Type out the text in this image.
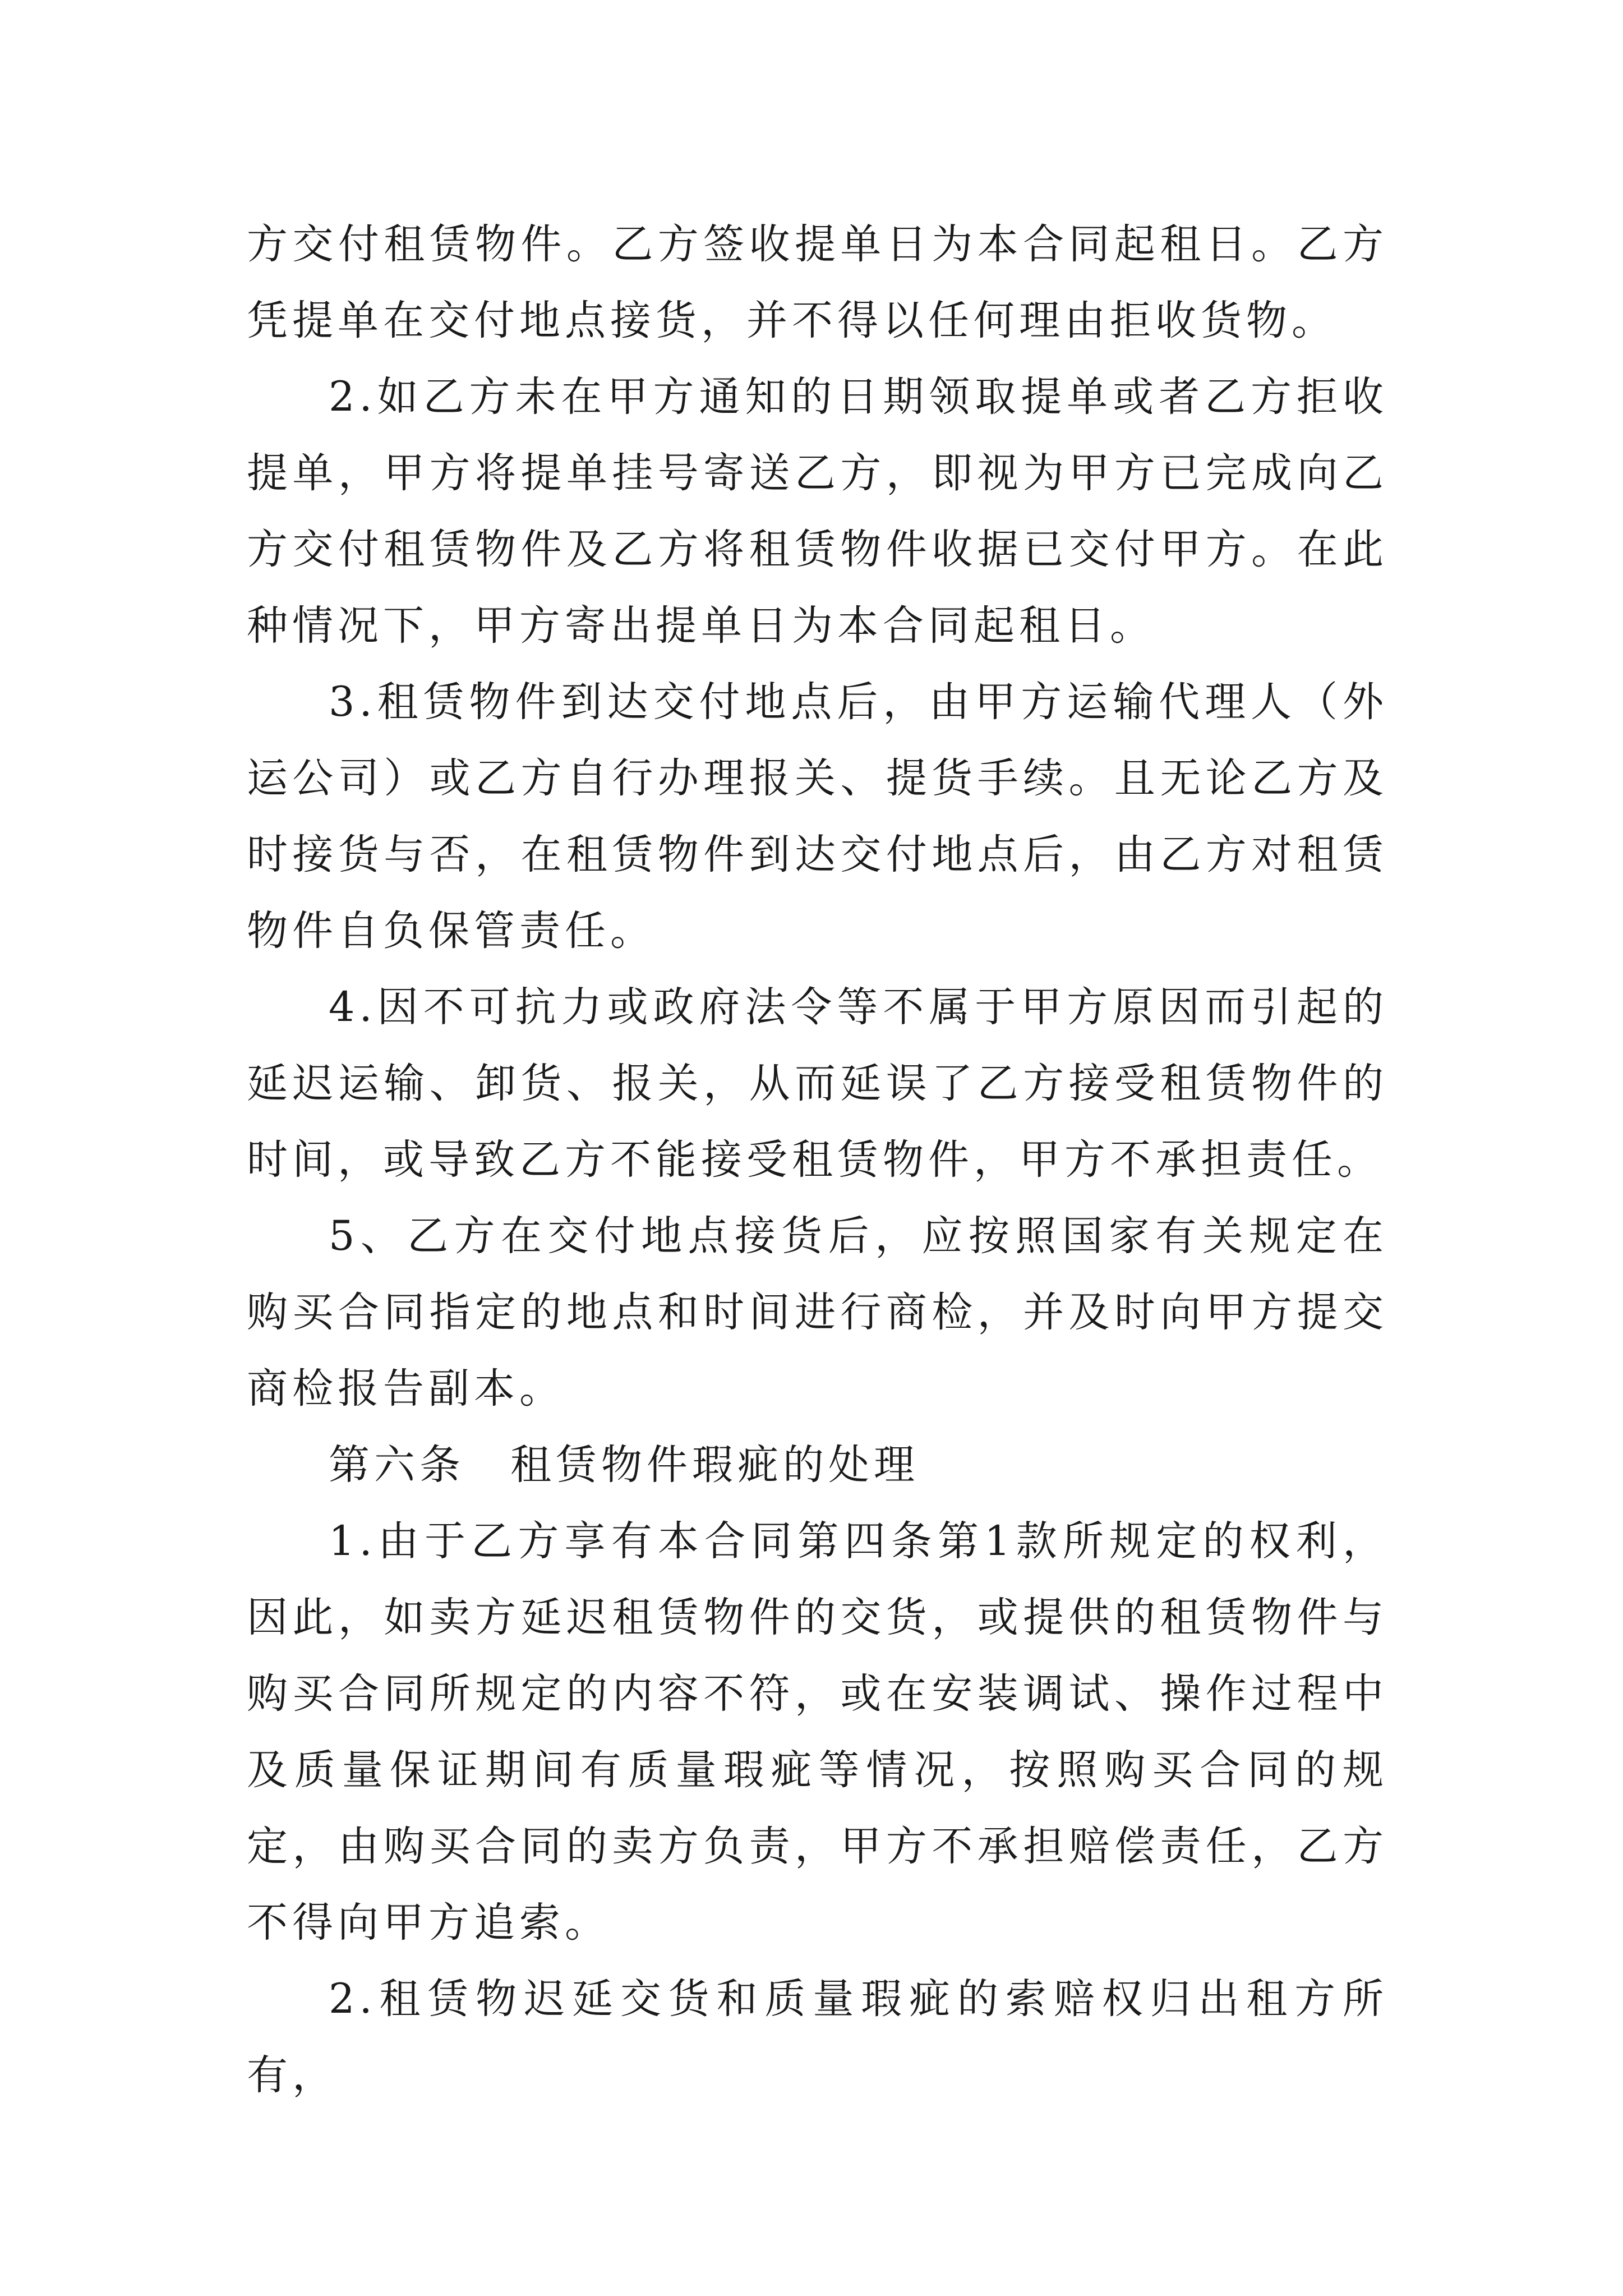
方交付租赁物件。乙方签收提单日为本合同起租日。乙方凭提单在交付地点接货，并不得以任何理由拒收货物。

2.如乙方未在甲方通知的日期领取提单或者乙方拒收提单，甲方将提单挂号寄送乙方，即视为甲方已完成向乙方交付租赁物件及乙方将租赁物件收据已交付甲方。在此种情况下，甲方寄出提单日为本合同起租日。

3.租赁物件到达交付地点后，由甲方运输代理人（外运公司）或乙方自行办理报关、提货手续。且无论乙方及时接货与否，在租赁物件到达交付地点后，由乙方对租赁物件自负保管责任。

4.因不可抗力或政府法令等不属于甲方原因而引起的延迟运输、卸货、报关，从而延误了乙方接受租赁物件的时间，或导致乙方不能接受租赁物件，甲方不承担责任。

5、乙方在交付地点接货后，应按照国家有关规定在购买合同指定的地点和时间进行商检，并及时向甲方提交商检报告副本。

第六条　租赁物件瑕疵的处理

1.由于乙方享有本合同第四条第1款所规定的权利，因此，如卖方延迟租赁物件的交货，或提供的租赁物件与购买合同所规定的内容不符，或在安装调试、操作过程中及质量保证期间有质量瑕疵等情况，按照购买合同的规定，由购买合同的卖方负责，甲方不承担赔偿责任，乙方不得向甲方追索。

2.租赁物迟延交货和质量瑕疵的索赔权归出租方所有，
